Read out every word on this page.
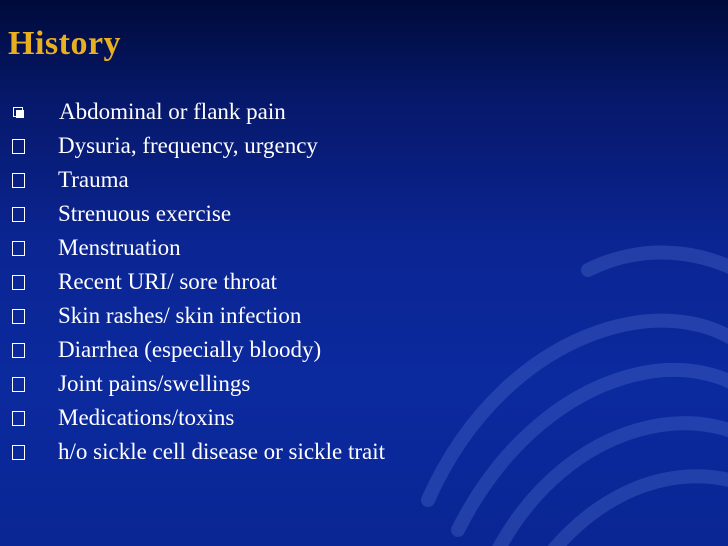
History
Abdominal or flank pain
Dysuria, frequency, urgency
Trauma
Strenuous exercise
Menstruation
Recent URI/ sore throat
Skin rashes/ skin infection
Diarrhea (especially bloody)
Joint pains/swellings
Medications/toxins
h/o sickle cell disease or sickle trait
